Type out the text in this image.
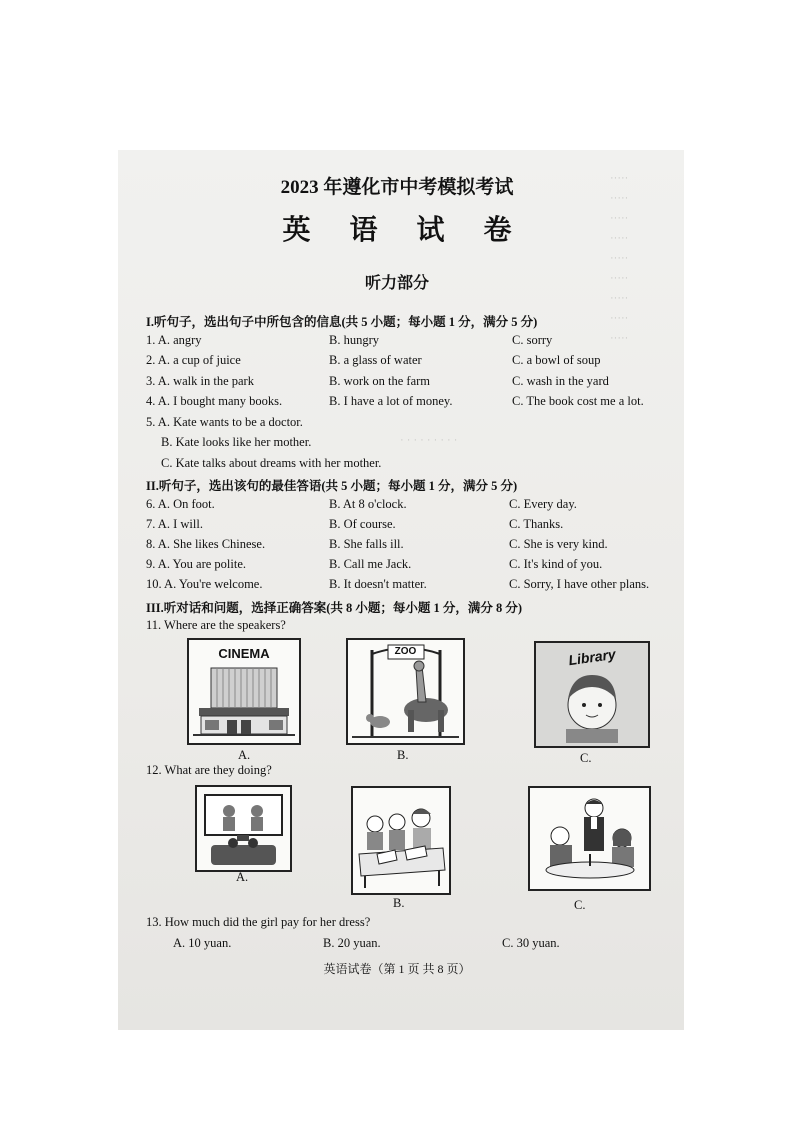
·····
·····
·····
·····
·····
·····
·····
·····
·····
· · · · · · · · ·
2023 年遵化市中考模拟考试
英 语 试 卷
听力部分
I.听句子，选出句子中所包含的信息(共 5 小题；每小题 1 分，满分 5 分)
1. A. angry	B. hungry	C. sorry
2. A. a cup of juice	B. a glass of water	C. a bowl of soup
3. A. walk in the park	B. work on the farm	C. wash in the yard
4. A. I bought many books.	B. I have a lot of money.	C. The book cost me a lot.
5. A. Kate wants to be a doctor.
B. Kate looks like her mother.
C. Kate talks about dreams with her mother.
II.听句子，选出该句的最佳答语(共 5 小题；每小题 1 分，满分 5 分)
6. A. On foot.	B. At 8 o'clock.	C. Every day.
7. A. I will.	B. Of course.	C. Thanks.
8. A. She likes Chinese.	B. She falls ill.	C. She is very kind.
9. A. You are polite.	B. Call me Jack.	C. It's kind of you.
10. A. You're welcome.	B. It doesn't matter.	C. Sorry, I have other plans.
III.听对话和问题，选择正确答案(共 8 小题；每小题 1 分，满分 8 分)
11. Where are the speakers?
CINEMA
A.
ZOO
B.
Library
C.
12. What are they doing?
A.
B.	C.
13. How much did the girl pay for her dress?
A. 10 yuan.	B. 20 yuan.	C. 30 yuan.
英语试卷（第 1 页 共 8 页）
